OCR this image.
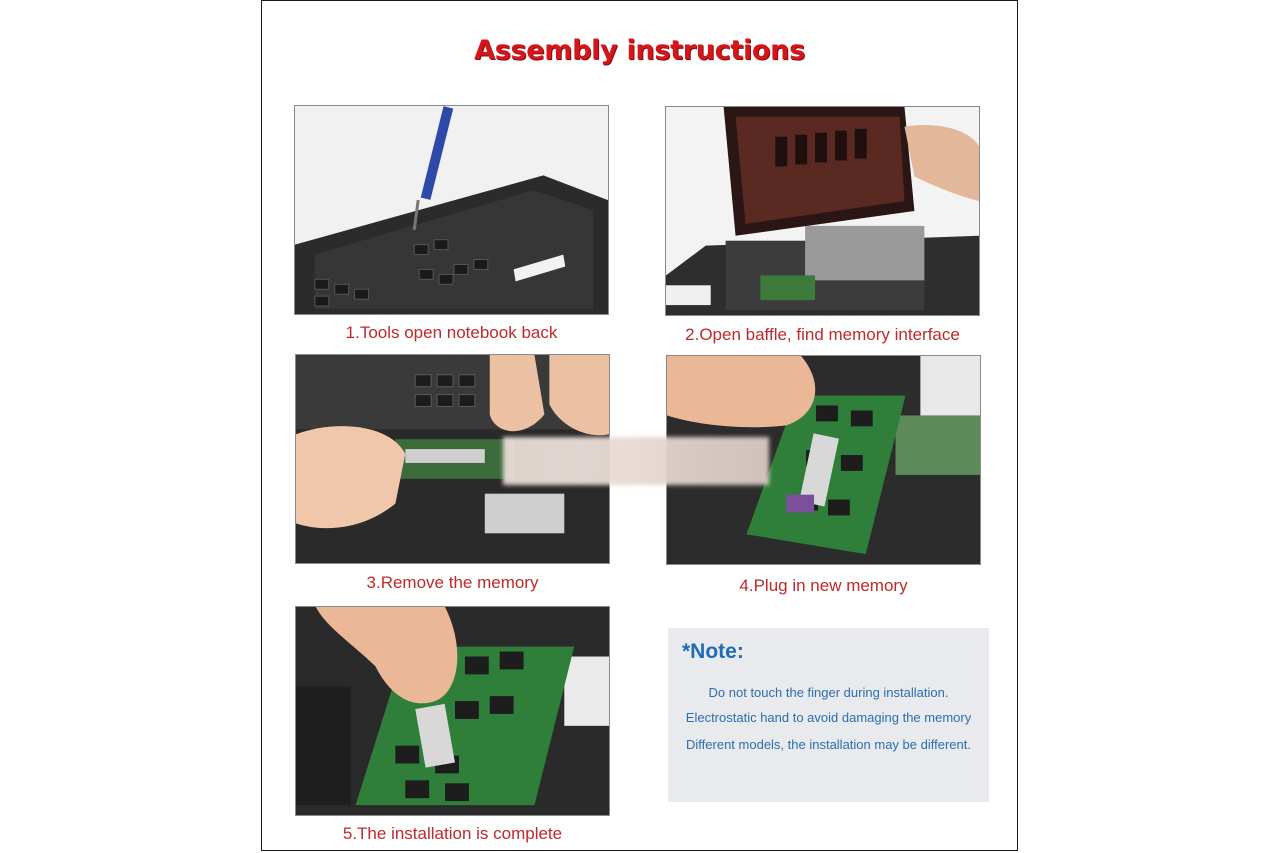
Assembly instructions
1.Tools open notebook back	2.Open baffle, find memory interface
3.Remove the memory	4.Plug in new memory
5.The installation is complete
*Note:
Do not touch the finger during installation.
Electrostatic hand to avoid damaging the memory
Different models, the installation may be different.
